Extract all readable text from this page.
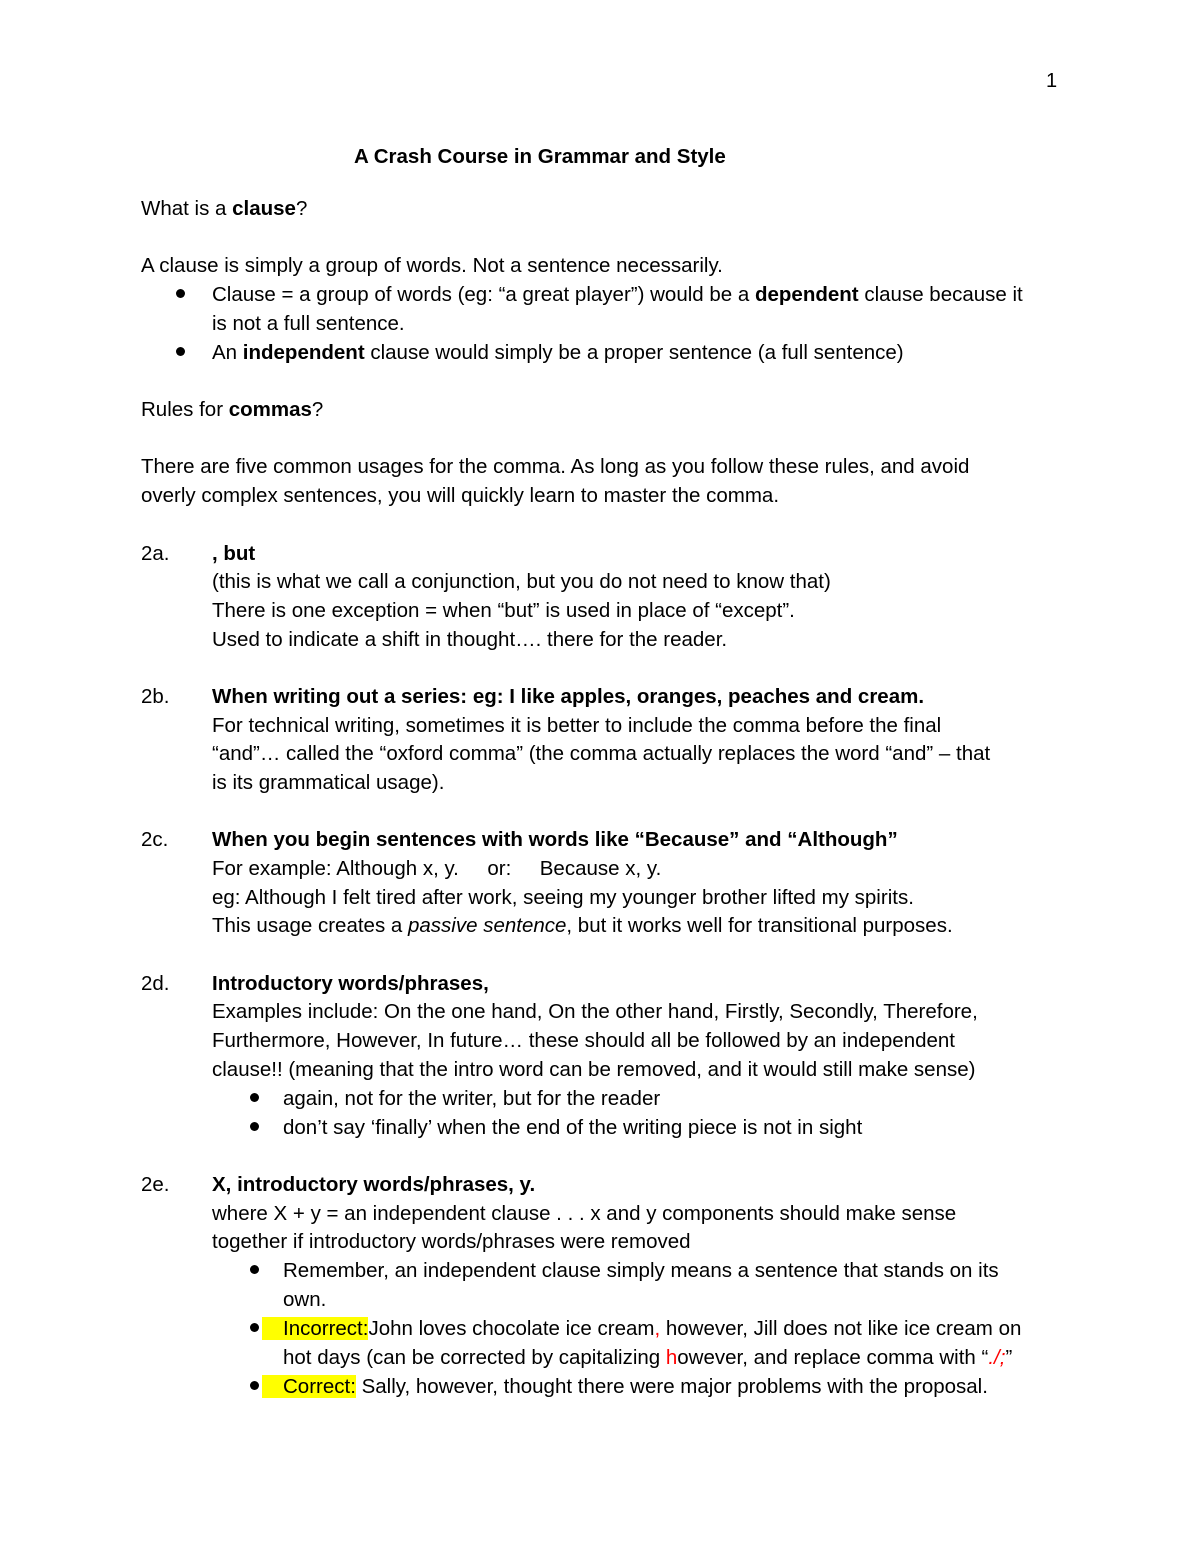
1
A Crash Course in Grammar and Style
What is a clause?
A clause is simply a group of words. Not a sentence necessarily.
Clause = a group of words (eg: “a great player”) would be a dependent clause because it
is not a full sentence.
An independent clause would simply be a proper sentence (a full sentence)
Rules for commas?
There are five common usages for the comma. As long as you follow these rules, and avoid
overly complex sentences, you will quickly learn to master the comma.
2a. , but
(this is what we call a conjunction, but you do not need to know that)
There is one exception = when “but” is used in place of “except”.
Used to indicate a shift in thought…. there for the reader.
2b. When writing out a series: eg: I like apples, oranges, peaches and cream.
For technical writing, sometimes it is better to include the comma before the final
“and”… called the “oxford comma” (the comma actually replaces the word “and” – that
is its grammatical usage).
2c. When you begin sentences with words like “Because” and “Although”
For example: Although x, y.     or:     Because x, y.
eg: Although I felt tired after work, seeing my younger brother lifted my spirits.
This usage creates a passive sentence, but it works well for transitional purposes.
2d. Introductory words/phrases,
Examples include: On the one hand, On the other hand, Firstly, Secondly, Therefore,
Furthermore, However, In future… these should all be followed by an independent
clause!! (meaning that the intro word can be removed, and it would still make sense)
again, not for the writer, but for the reader
don’t say ‘finally’ when the end of the writing piece is not in sight
2e. X, introductory words/phrases, y.
where X + y = an independent clause . . . x and y components should make sense
together if introductory words/phrases were removed
Remember, an independent clause simply means a sentence that stands on its
own.
Incorrect:John loves chocolate ice cream, however, Jill does not like ice cream on
hot days (can be corrected by capitalizing however, and replace comma with “./;”
Correct: Sally, however, thought there were major problems with the proposal.
